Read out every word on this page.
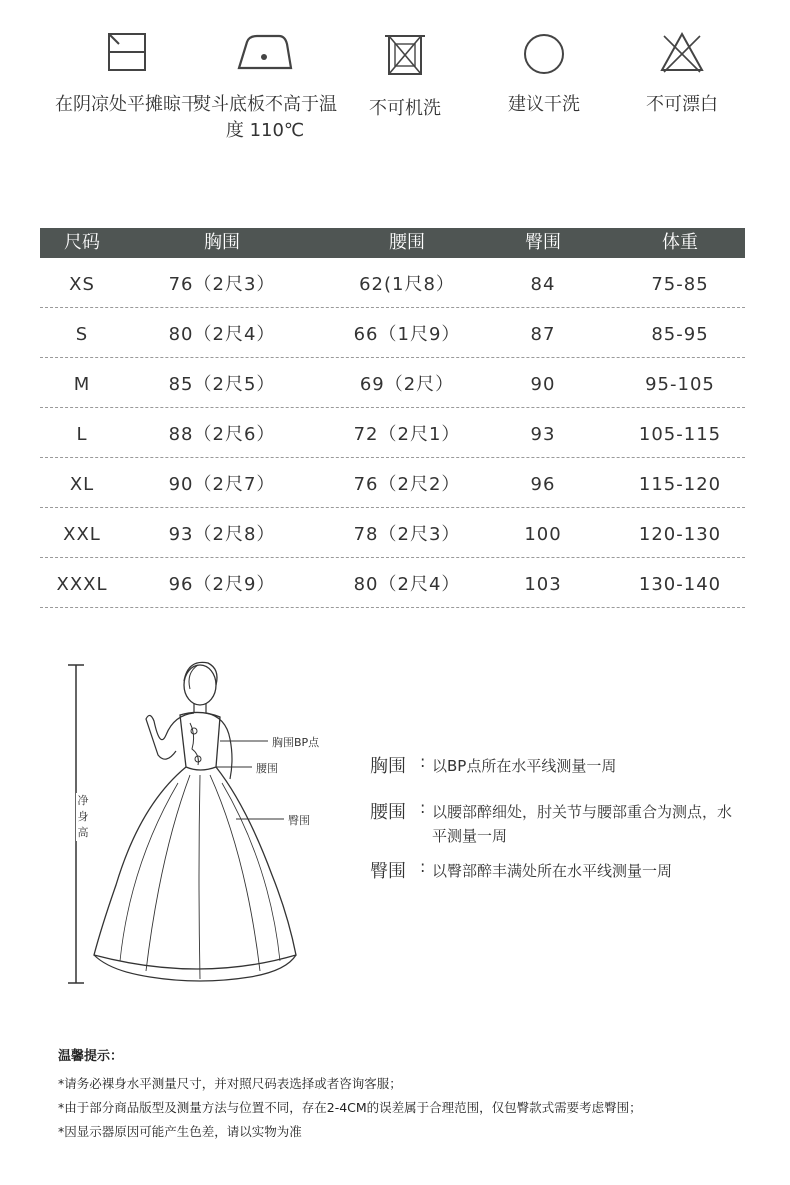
在阴凉处平摊晾干
熨斗底板不高于温度 110℃
不可机洗	建议干洗	不可漂白
尺码	胸围	腰围	臀围	体重
XS	76（2尺3）	62(1尺8）	84	75-85
S	80（2尺4）	66（1尺9）	87	85-95
M	85（2尺5）	69（2尺）	90	95-105
L	88（2尺6）	72（2尺1）	93	105-115
XL	90（2尺7）	76（2尺2）	96	115-120
XXL	93（2尺8）	78（2尺3）	100	120-130
XXXL	96（2尺9）	80（2尺4）	103	130-140
胸围BP点
腰围
臀围
净身高
胸围 : 以BP点所在水平线测量一周
腰围 : 以腰部醉细处，肘关节与腰部重合为测点，水平测量一周
臀围 : 以臀部醉丰满处所在水平线测量一周
温馨提示：
*请务必裸身水平测量尺寸，并对照尺码表选择或者咨询客服；
*由于部分商品版型及测量方法与位置不同，存在2-4CM的误差属于合理范围，仅包臀款式需要考虑臀围；
*因显示器原因可能产生色差，请以实物为准
